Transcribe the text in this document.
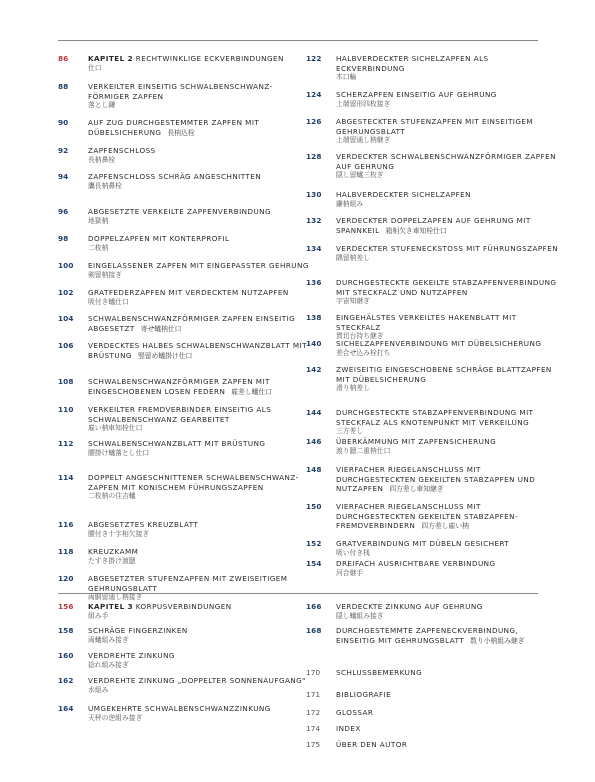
86	KAPITEL 2 RECHTWINKLIGE ECKVERBINDUNGEN
仕口
88	VERKEILTER EINSEITIG SCHWALBENSCHWANZ-FÖRMIGER ZAPFEN
落とし鎌
90	AUF ZUG DURCHGESTEMMTER ZAPFEN MIT DÜBELSICHERUNG 長枘込栓
92	ZAPFENSCHLOSS
長枘鼻栓
94	ZAPFENSCHLOSS SCHRÄG ANGESCHNITTEN
鷹長枘鼻栓
96	ABGESETZTE VERKEILTE ZAPFENVERBINDUNG
地獄枘
98	DOPPELZAPFEN MIT KONTERPROFIL
二枚枘
100	EINGELASSENER ZAPFEN MIT EINGEPASSTER GEHRUNG
剣留枘接ぎ
102	GRATFEDERZAPFEN MIT VERDECKTEM NUTZAPFEN
吸付き蟻仕口
104	SCHWALBENSCHWANZFÖRMIGER ZAPFEN EINSEITIG ABGESETZT 寄せ蟻枘仕口
106	VERDECKTES HALBES SCHWALBENSCHWANZBLATT MIT BRÜSTUNG 竪留め蟻掛け仕口
108	SCHWALBENSCHWANZFÖRMIGER ZAPFEN MIT EINGESCHOBENEN LOSEN FEDERN 雇差し蟻仕口
110	VERKEILTER FREMDVERBINDER EINSEITIG ALS SCHWALBENSCHWANZ GEARBEITET
雇い枘車知栓仕口
112	SCHWALBENSCHWANZBLATT MIT BRÜSTUNG
腰掛け蟻落とし仕口
114	DOPPELT ANGESCHNITTENER SCHWALBENSCHWANZ-ZAPFEN MIT KONISCHEM FÜHRUNGSZAPFEN
二枚枘の住吉蟻
116	ABGESETZTES KREUZBLATT
腰付き十字相欠接ぎ
118	KREUZKAMM
たすき掛け渡腮
120	ABGESETZTER STUFENZAPFEN MIT ZWEISEITIGEM GEHRUNGSBLATT
両胴留通し枘接ぎ
122	HALBVERDECKTER SICHELZAPFEN ALS ECKVERBINDUNG
木口輪
124	SCHERZAPFEN EINSEITIG AUF GEHRUNG
上端留形四枚接ぎ
126	ABGESTECKTER STUFENZAPFEN MIT EINSEITIGEM GEHRUNGSBLATT
上端留通し枘継ぎ
128	VERDECKTER SCHWALBENSCHWANZFÖRMIGER ZAPFEN AUF GEHRUNG
隠し留蟻三枚ぎ
130	HALBVERDECKTER SICHELZAPFEN
鎌枘組み
132	VERDECKTER DOPPELZAPFEN AUF GEHRUNG MIT SPANNKEIL 箱相欠き車知栓仕口
134	VERDECKTER STUFENECKSTOSS MIT FÜHRUNGSZAPFEN
隅留枘差し
136	DURCHGESTECKTE GEKEILTE STABZAPFENVERBINDUNG MIT STECKFALZ UND NUTZAPFEN
宇宙知継ぎ
138	EINGEHÄLSTES VERKEILTES HAKENBLATT MIT STECKFALZ
貫切台持ち継ぎ
140	SICHELZAPFENVERBINDUNG MIT DÜBELSICHERUNG
差合せ込み栓打ち
142	ZWEISEITIG EINGESCHOBENE SCHRÄGE BLATTZAPFEN MIT DÜBELSICHERUNG
滑り枘差し
144	DURCHGESTECKTE STABZAPFENVERBINDUNG MIT STECKFALZ ALS KNOTENPUNKT MIT VERKEILUNG
三方差し
146	ÜBERKÄMMUNG MIT ZAPFENSICHERUNG
渡り腮二重枘仕口
148	VIERFACHER RIEGELANSCHLUSS MIT DURCHGESTECKTEN GEKEILTEN STABZAPFEN UND NUTZAPFEN 四方差し車知継ぎ
150	VIERFACHER RIEGELANSCHLUSS MIT DURCHGESTECKTEN GEKEILTEN STABZAPFEN-FREMDVERBINDERN 四方差し雇い枘
152	GRATVERBINDUNG MIT DÜBELN GESICHERT
吸い付き桟
154	DREIFACH AUSRICHTBARE VERBINDUNG
河合継手
156	KAPITEL 3 KORPUSVERBINDUNGEN
組み手
158	SCHRÄGE FINGERZINKEN
両蟻組み接ぎ
160	VERDREHTE ZINKUNG
捻れ組み接ぎ
162	VERDREHTE ZINKUNG „DOPPELTER SONNENAUFGANG“
水組み
164	UMGEKEHRTE SCHWALBENSCHWANZZINKUNG
天秤の逆組み接ぎ
166	VERDECKTE ZINKUNG AUF GEHRUNG
隠し蟻組み接ぎ
168	DURCHGESTEMMTE ZAPFENECKVERBINDUNG, EINSEITIG MIT GEHRUNGSBLATT 数り小枘組み継ぎ
170	SCHLUSSBEMERKUNG
171	BIBLIOGRAFIE
172	GLOSSAR
174	INDEX
175	ÜBER DEN AUTOR
